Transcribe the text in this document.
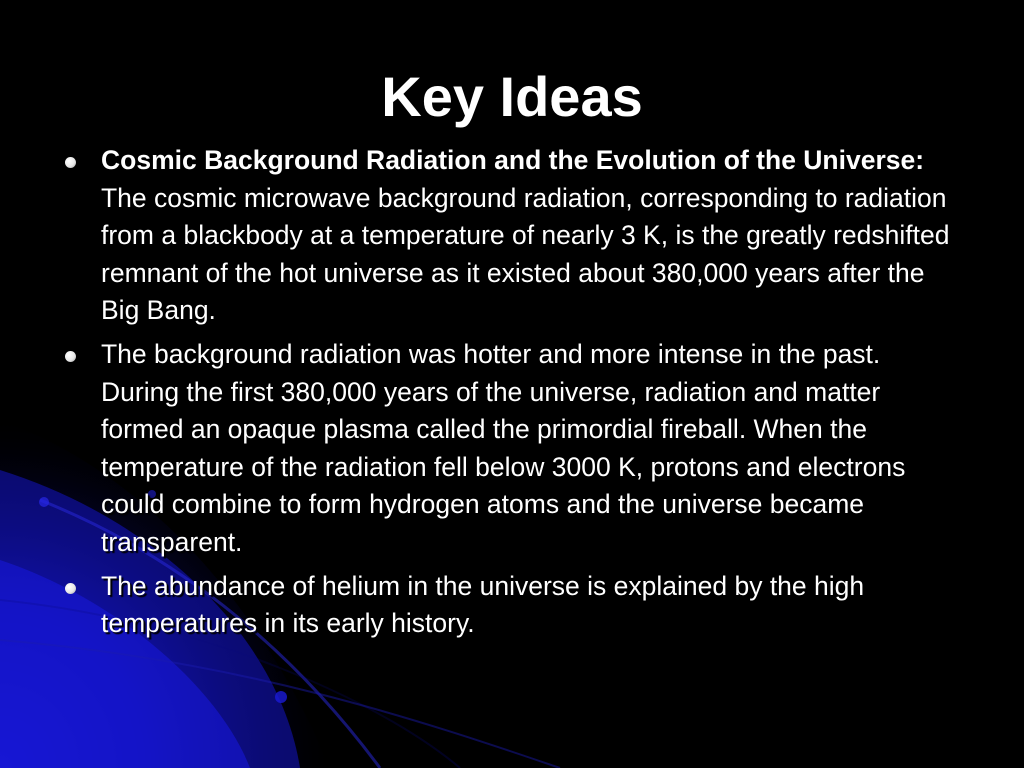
Key Ideas
Cosmic Background Radiation and the Evolution of the Universe: The cosmic microwave background radiation, corresponding to radiation from a blackbody at a temperature of nearly 3 K, is the greatly redshifted remnant of the hot universe as it existed about 380,000 years after the Big Bang.
The background radiation was hotter and more intense in the past. During the first 380,000 years of the universe, radiation and matter formed an opaque plasma called the primordial fireball. When the temperature of the radiation fell below 3000 K, protons and electrons could combine to form hydrogen atoms and the universe became transparent.
The abundance of helium in the universe is explained by the high temperatures in its early history.
